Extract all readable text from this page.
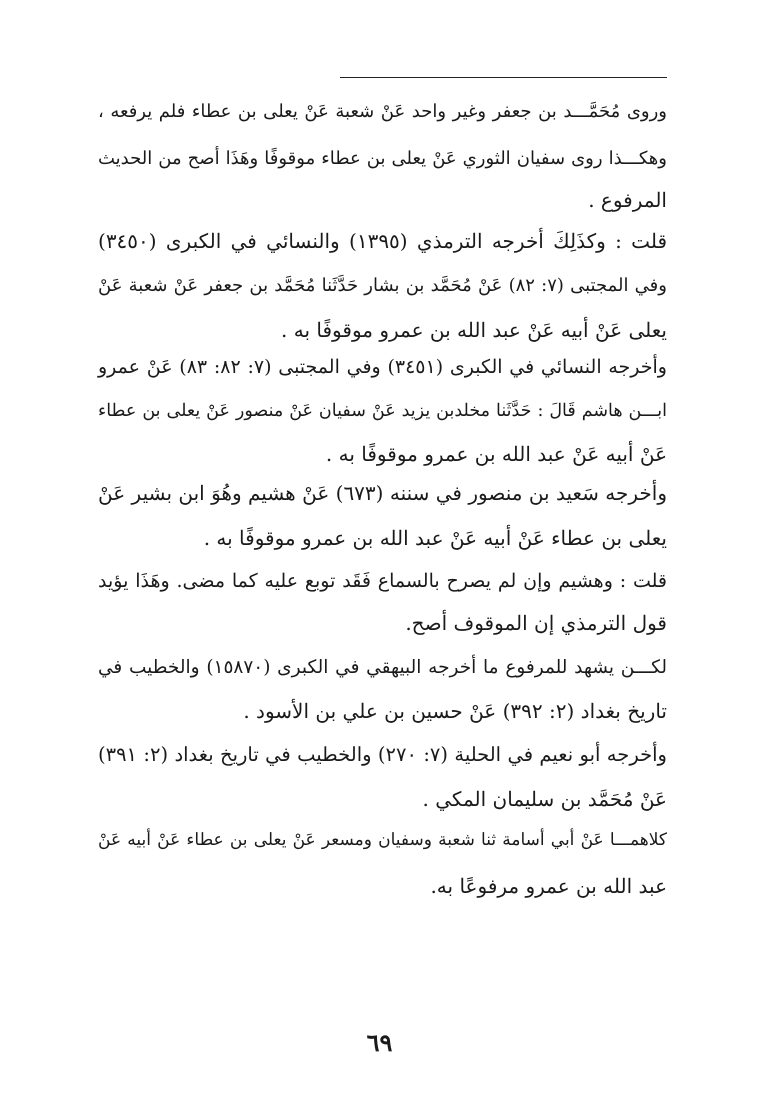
وروى مُحَمَّـــد بن جعفر وغير واحد عَنْ شعبة عَنْ يعلى بن عطاء فلم يرفعه ،
وهكـــذا روى سفيان الثوري عَنْ يعلى بن عطاء موقوفًا وهَذَا أصح من الحديث
المرفوع .
قلت : وكذَلِكَ أخرجه الترمذي (١٣٩٥) والنسائي في الكبرى (٣٤٥٠)
وفي المجتبى (٧: ٨٢) عَنْ مُحَمَّد بن بشار حَدَّثَنا مُحَمَّد بن جعفر عَنْ شعبة عَنْ
يعلى عَنْ أبيه عَنْ عبد الله بن عمرو موقوفًا به .
وأخرجه النسائي في الكبرى (٣٤٥١) وفي المجتبى (٧: ٨٢: ٨٣) عَنْ عمرو
ابـــن هاشم قَالَ : حَدَّثَنا مخلدبن يزيد عَنْ سفيان عَنْ منصور عَنْ يعلى بن عطاء
عَنْ أبيه عَنْ عبد الله بن عمرو موقوفًا به .
وأخرجه سَعيد بن منصور في سننه (٦٧٣) عَنْ هشيم وهُوَ ابن بشير عَنْ
يعلى بن عطاء عَنْ أبيه عَنْ عبد الله بن عمرو موقوفًا به .
قلت : وهشيم وإن لم يصرح بالسماع فَقَد توبع عليه كما مضى. وهَذَا يؤيد
قول الترمذي إن الموقوف أصح.
لكـــن يشهد للمرفوع ما أخرجه البيهقي في الكبرى (١٥٨٧٠) والخطيب في
تاريخ بغداد (٢: ٣٩٢) عَنْ حسين بن علي بن الأسود .
وأخرجه أبو نعيم في الحلية (٧: ٢٧٠) والخطيب في تاريخ بغداد (٢: ٣٩١)
عَنْ مُحَمَّد بن سليمان المكي .
كلاهمـــا عَنْ أبي أسامة ثنا شعبة وسفيان ومسعر عَنْ يعلى بن عطاء عَنْ أبيه عَنْ
عبد الله بن عمرو مرفوعًا به.
٦٩
